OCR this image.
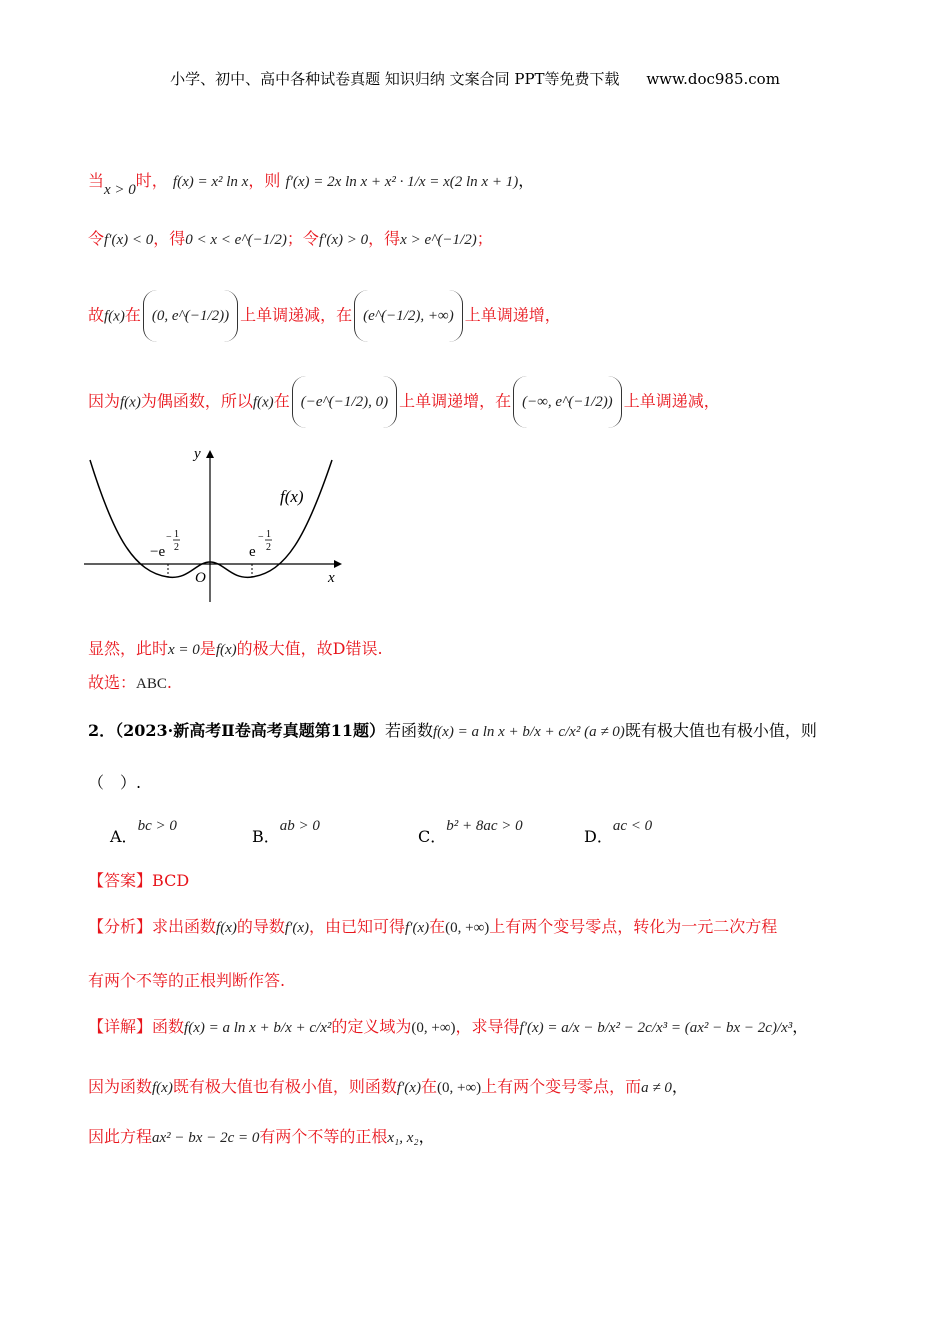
小学、初中、高中各种试卷真题 知识归纳 文案合同 PPT等免费下载 www.doc985.com
当x > 0时， f(x) = x² ln x，则 f′(x) = 2x ln x + x² · 1/x = x(2 ln x + 1)，
令f′(x) < 0，得0 < x < e^(−1/2)；令f′(x) > 0，得x > e^(−1/2)；
故f(x)在 (0, e^(−1/2)) 上单调递减，在 (e^(−1/2), +∞) 上单调递增，
因为f(x)为偶函数，所以f(x)在 (−e^(−1/2), 0) 上单调递增，在 (−∞, e^(−1/2)) 上单调递减，
y
x
O
f(x)
−e
− 1
2	e
− 1
2
显然，此时x = 0是f(x)的极大值，故D错误.
故选：ABC.
2．（2023·新高考Ⅱ卷高考真题第11题）若函数f(x) = a ln x + b/x + c/x² (a ≠ 0)既有极大值也有极小值，则
（　）.
A．bc > 0
B．ab > 0
C．b² + 8ac > 0
D．ac < 0
【答案】BCD
【分析】求出函数f(x)的导数f′(x)，由已知可得f′(x)在(0, +∞)上有两个变号零点，转化为一元二次方程
有两个不等的正根判断作答.
【详解】函数f(x) = a ln x + b/x + c/x²的定义域为(0, +∞)，求导得f′(x) = a/x − b/x² − 2c/x³ = (ax² − bx − 2c)/x³，
因为函数f(x)既有极大值也有极小值，则函数f′(x)在(0, +∞)上有两个变号零点，而a ≠ 0，
因此方程ax² − bx − 2c = 0有两个不等的正根x₁, x₂，
